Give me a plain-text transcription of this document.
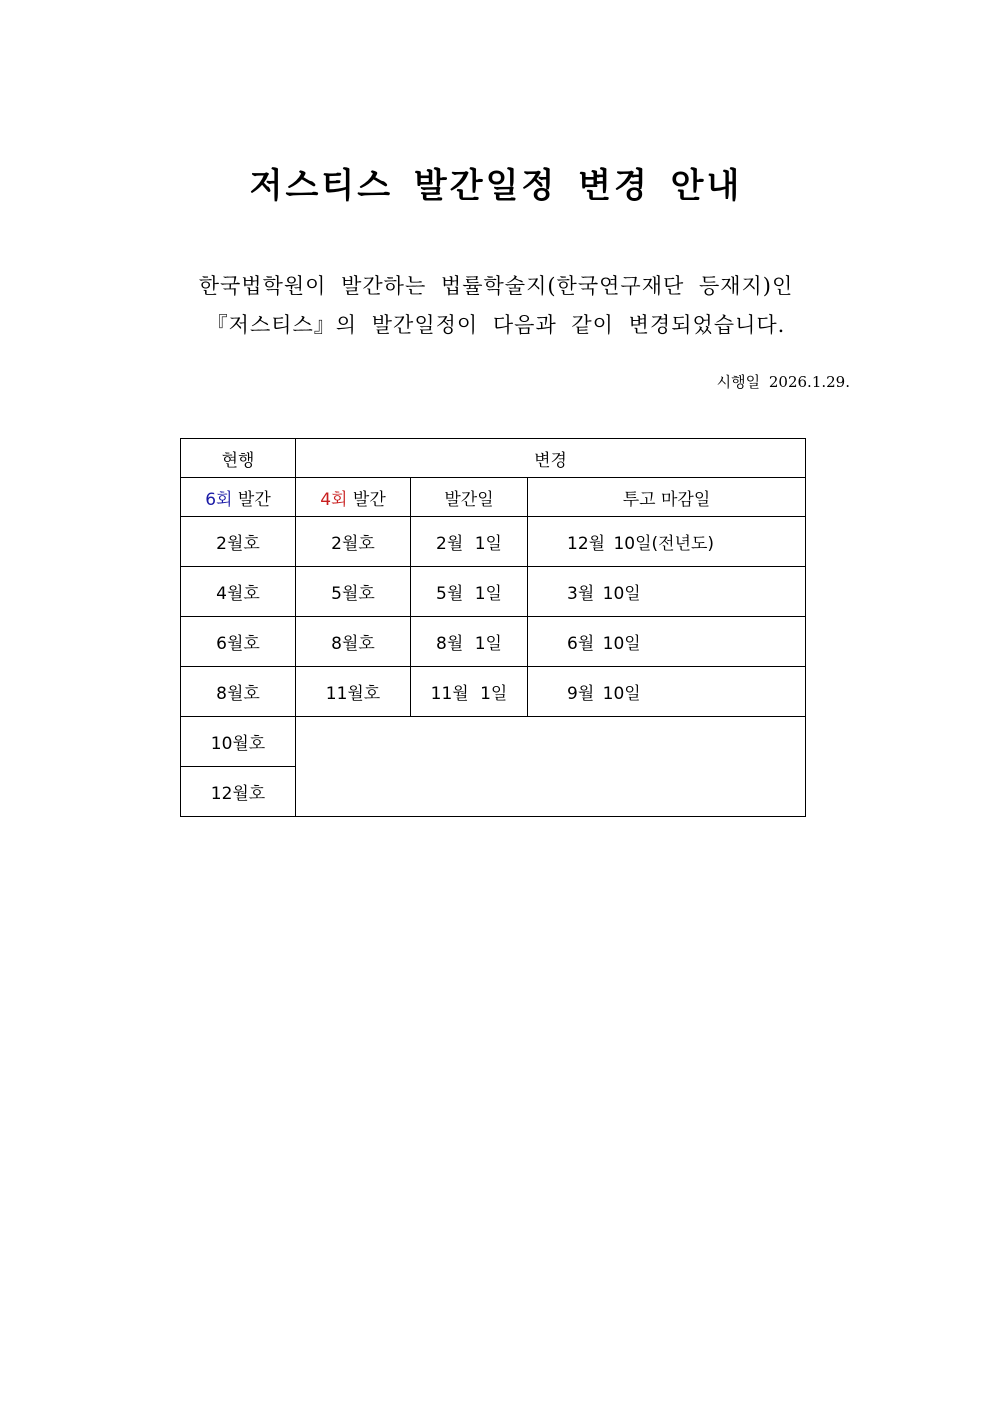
저스티스 발간일정 변경 안내
한국법학원이 발간하는 법률학술지(한국연구재단 등재지)인
『저스티스』의 발간일정이 다음과 같이 변경되었습니다.
시행일 2026.1.29.
현행	변경		
6회 발간	4회 발간	발간일	투고 마감일
2월호	2월호	2월 1일	12월 10일(전년도)
4월호	5월호	5월 1일	3월 10일
6월호	8월호	8월 1일	6월 10일
8월호	11월호	11월 1일	9월 10일
10월호			
12월호			
